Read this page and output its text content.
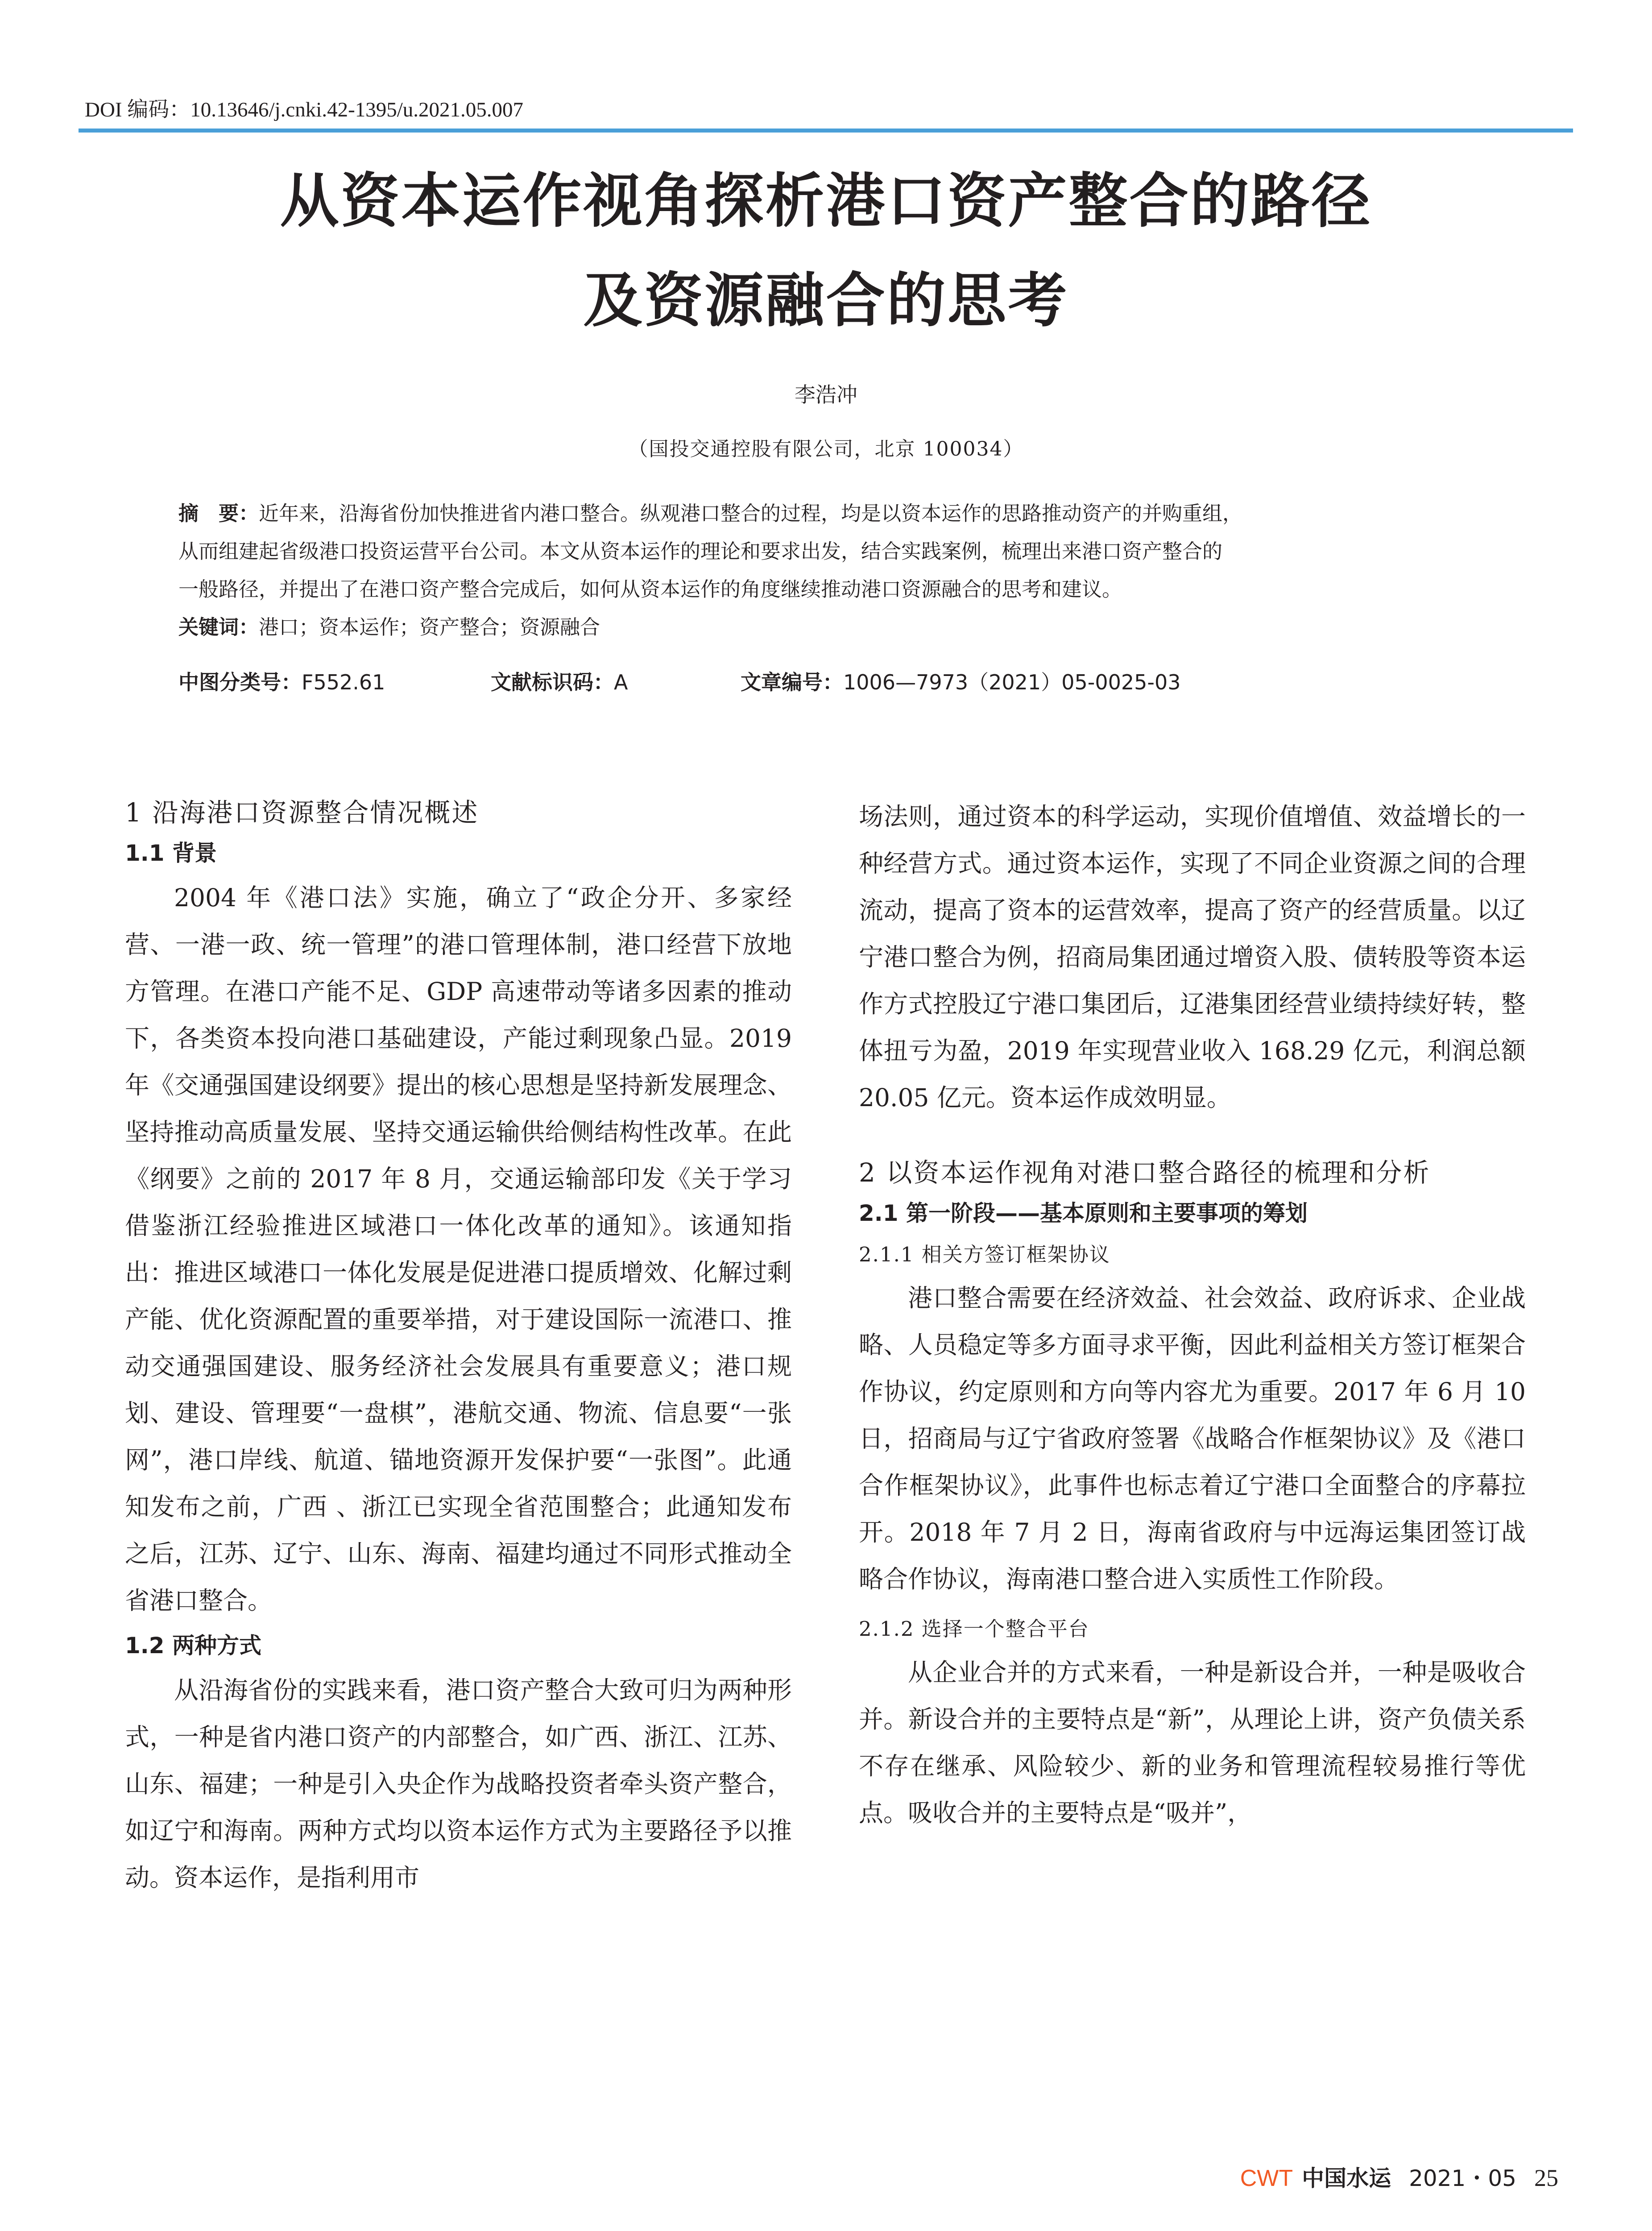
DOI 编码：10.13646/j.cnki.42-1395/u.2021.05.007
从资本运作视角探析港口资产整合的路径
及资源融合的思考
李浩冲
（国投交通控股有限公司，北京 100034）
摘　要：近年来，沿海省份加快推进省内港口整合。纵观港口整合的过程，均是以资本运作的思路推动资产的并购重组，
从而组建起省级港口投资运营平台公司。本文从资本运作的理论和要求出发，结合实践案例，梳理出来港口资产整合的
一般路径，并提出了在港口资产整合完成后，如何从资本运作的角度继续推动港口资源融合的思考和建议。
关键词：港口；资本运作；资产整合；资源融合
中图分类号：F552.61	文献标识码：A	文章编号：1006—7973（2021）05-0025-03
1 沿海港口资源整合情况概述
1.1 背景

2004 年《港口法》实施，确立了“政企分开、多家经营、一港一政、统一管理”的港口管理体制，港口经营下放地方管理。在港口产能不足、GDP 高速带动等诸多因素的推动下，各类资本投向港口基础建设，产能过剩现象凸显。2019 年《交通强国建设纲要》提出的核心思想是坚持新发展理念、坚持推动高质量发展、坚持交通运输供给侧结构性改革。在此《纲要》之前的 2017 年 8 月，交通运输部印发《关于学习借鉴浙江经验推进区域港口一体化改革的通知》。该通知指出：推进区域港口一体化发展是促进港口提质增效、化解过剩产能、优化资源配置的重要举措，对于建设国际一流港口、推动交通强国建设、服务经济社会发展具有重要意义；港口规划、建设、管理要“一盘棋”，港航交通、物流、信息要“一张网”，港口岸线、航道、锚地资源开发保护要“一张图”。此通知发布之前，广西 、浙江已实现全省范围整合；此通知发布之后，江苏、辽宁、山东、海南、福建均通过不同形式推动全省港口整合。

1.2 两种方式

从沿海省份的实践来看，港口资产整合大致可归为两种形式，一种是省内港口资产的内部整合，如广西、浙江、江苏、山东、福建；一种是引入央企作为战略投资者牵头资产整合，如辽宁和海南。两种方式均以资本运作方式为主要路径予以推动。资本运作，是指利用市

场法则，通过资本的科学运动，实现价值增值、效益增长的一种经营方式。通过资本运作，实现了不同企业资源之间的合理流动，提高了资本的运营效率，提高了资产的经营质量。以辽宁港口整合为例，招商局集团通过增资入股、债转股等资本运作方式控股辽宁港口集团后，辽港集团经营业绩持续好转，整体扭亏为盈，2019 年实现营业收入 168.29 亿元，利润总额 20.05 亿元。资本运作成效明显。

2 以资本运作视角对港口整合路径的梳理和分析
2.1 第一阶段——基本原则和主要事项的筹划
2.1.1 相关方签订框架协议

港口整合需要在经济效益、社会效益、政府诉求、企业战略、人员稳定等多方面寻求平衡，因此利益相关方签订框架合作协议，约定原则和方向等内容尤为重要。2017 年 6 月 10 日，招商局与辽宁省政府签署《战略合作框架协议》及《港口合作框架协议》，此事件也标志着辽宁港口全面整合的序幕拉开。2018 年 7 月 2 日，海南省政府与中远海运集团签订战略合作协议，海南港口整合进入实质性工作阶段。

2.1.2 选择一个整合平台

从企业合并的方式来看，一种是新设合并，一种是吸收合并。新设合并的主要特点是“新”，从理论上讲，资产负债关系不存在继承、风险较少、新的业务和管理流程较易推行等优点。吸收合并的主要特点是“吸并”，

CWT 中国水运 2021・05 25
